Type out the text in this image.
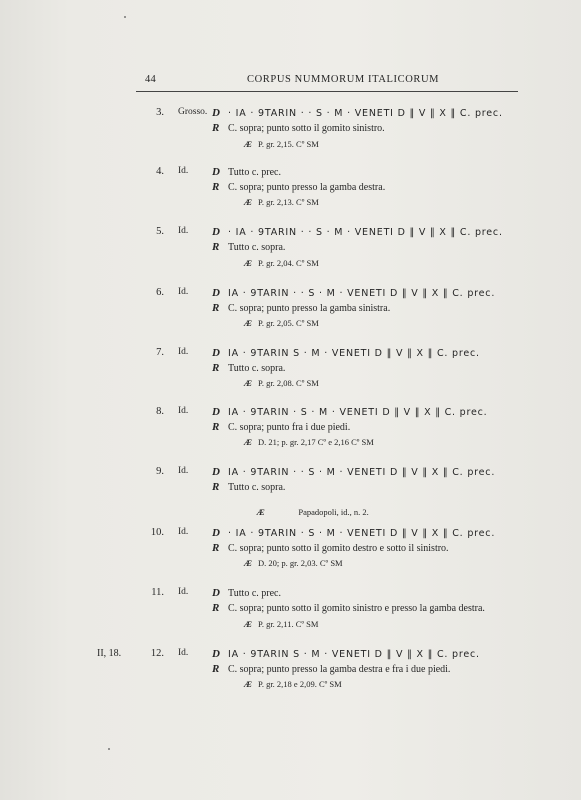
44	CORPUS NUMMORUM ITALICORUM
3. Grosso. D · IA · 9TARIN · · S · M · VENETI D ‖ V ‖ X ‖ C. prec.
R C. sopra; punto sotto il gomito sinistro.
Æ P. gr. 2,15. Cº SM
4. Id. D Tutto c. prec.
R C. sopra; punto presso la gamba destra.
Æ P. gr. 2,13. Cº SM
5. Id. D · IA · 9TARIN · · S · M · VENETI D ‖ V ‖ X ‖ C. prec.
R Tutto c. sopra.
Æ P. gr. 2,04. Cº SM
6. Id. D IA · 9TARIN · · S · M · VENETI D ‖ V ‖ X ‖ C. prec.
R C. sopra; punto presso la gamba sinistra.
Æ P. gr. 2,05. Cº SM
7. Id. D IA · 9TARIN S · M · VENETI D ‖ V ‖ X ‖ C. prec.
R Tutto c. sopra.
Æ P. gr. 2,08. Cº SM
8. Id. D IA · 9TARIN · S · M · VENETI D ‖ V ‖ X ‖ C. prec.
R C. sopra; punto fra i due piedi.
Æ D. 21; p. gr. 2,17 Cº e 2,16 Cº SM
9. Id. D IA · 9TARIN · · S · M · VENETI D ‖ V ‖ X ‖ C. prec.
R Tutto c. sopra.

Æ             Papadopoli, id., n. 2.

10. Id. D · IA · 9TARIN · S · M · VENETI D ‖ V ‖ X ‖ C. prec.
R C. sopra; punto sotto il gomito destro e sotto il sinistro.
Æ D. 20; p. gr. 2,03. Cº SM
11. Id. D Tutto c. prec.
R C. sopra; punto sotto il gomito sinistro e presso la gamba destra.
Æ P. gr. 2,11. Cº SM
II, 18.	12. Id. D IA · 9TARIN S · M · VENETI D ‖ V ‖ X ‖ C. prec.
R C. sopra; punto presso la gamba destra e fra i due piedi.
Æ P. gr. 2,18 e 2,09. Cº SM
